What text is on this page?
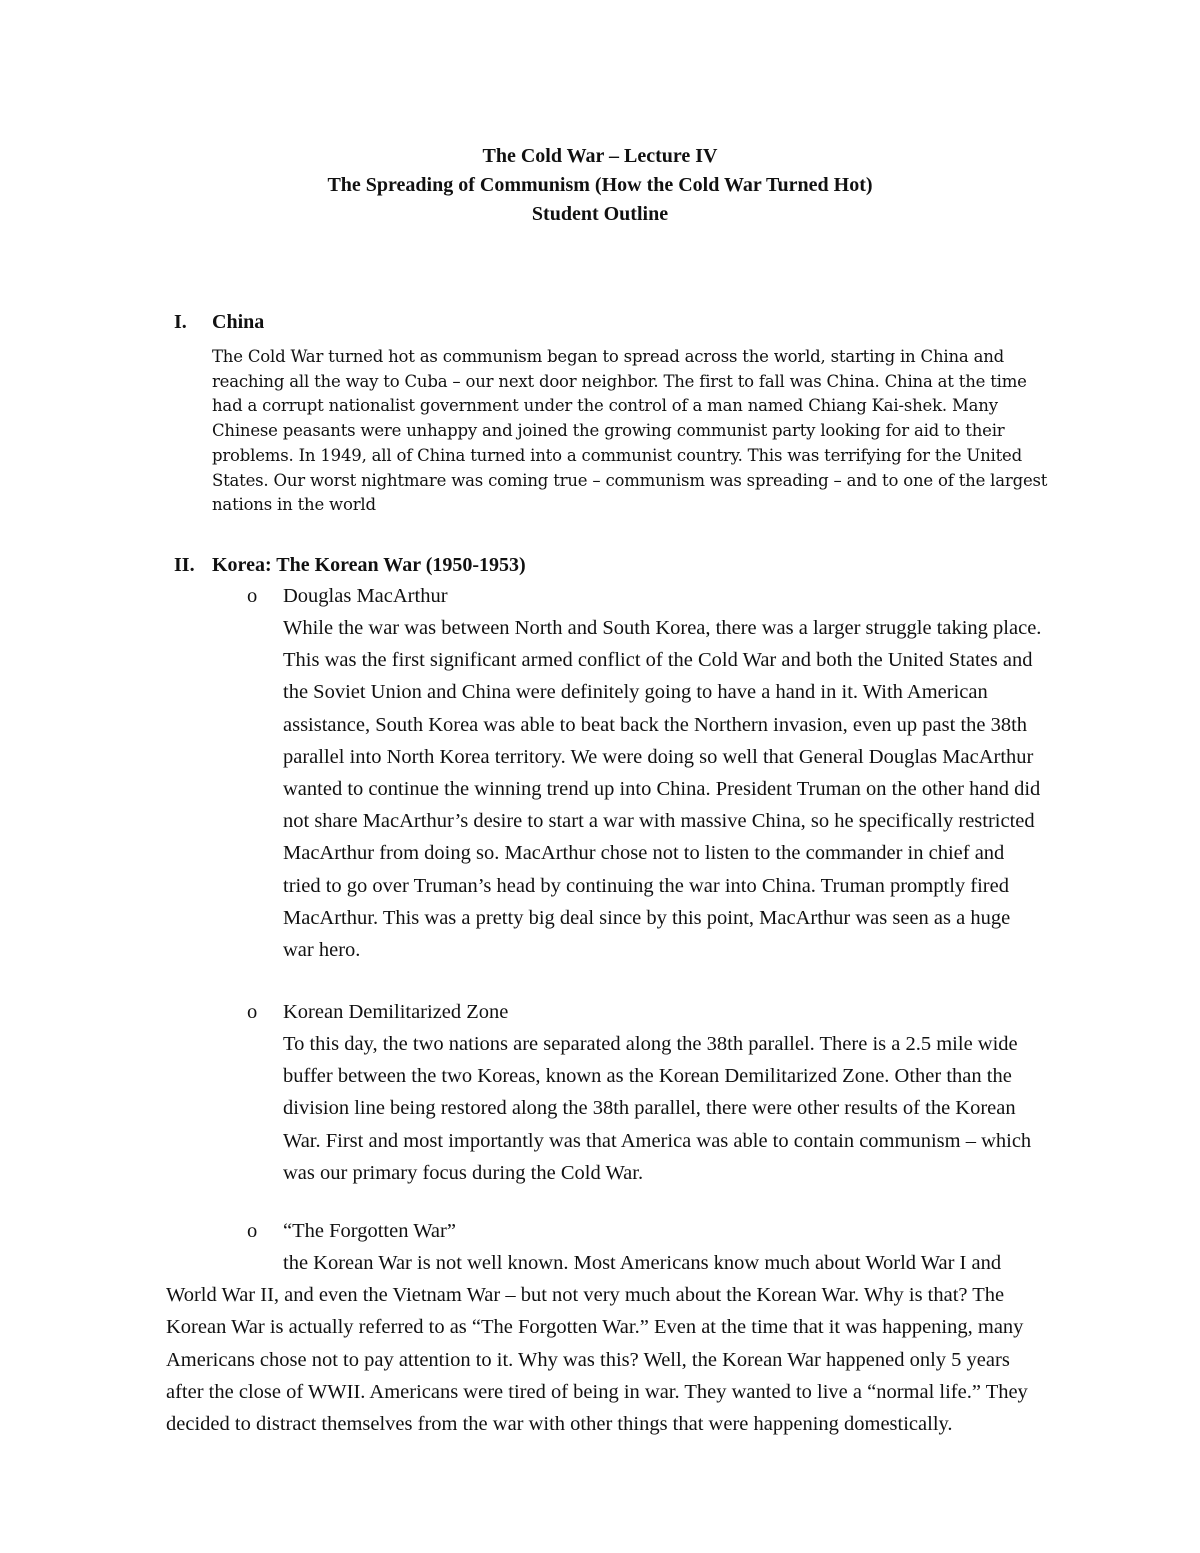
The Cold War – Lecture IV
The Spreading of Communism (How the Cold War Turned Hot)
Student Outline
I. China
The Cold War turned hot as communism began to spread across the world, starting in China and reaching all the way to Cuba – our next door neighbor. The first to fall was China. China at the time had a corrupt nationalist government under the control of a man named Chiang Kai-shek. Many Chinese peasants were unhappy and joined the growing communist party looking for aid to their problems. In 1949, all of China turned into a communist country. This was terrifying for the United States. Our worst nightmare was coming true – communism was spreading – and to one of the largest nations in the world
II. Korea: The Korean War (1950-1953)
o Douglas MacArthur
While the war was between North and South Korea, there was a larger struggle taking place. This was the first significant armed conflict of the Cold War and both the United States and the Soviet Union and China were definitely going to have a hand in it. With American assistance, South Korea was able to beat back the Northern invasion, even up past the 38th parallel into North Korea territory. We were doing so well that General Douglas MacArthur wanted to continue the winning trend up into China. President Truman on the other hand did not share MacArthur’s desire to start a war with massive China, so he specifically restricted MacArthur from doing so. MacArthur chose not to listen to the commander in chief and tried to go over Truman’s head by continuing the war into China. Truman promptly fired MacArthur. This was a pretty big deal since by this point, MacArthur was seen as a huge war hero.
o Korean Demilitarized Zone
To this day, the two nations are separated along the 38th parallel. There is a 2.5 mile wide buffer between the two Koreas, known as the Korean Demilitarized Zone. Other than the division line being restored along the 38th parallel, there were other results of the Korean War. First and most importantly was that America was able to contain communism – which was our primary focus during the Cold War.
o “The Forgotten War”
the Korean War is not well known. Most Americans know much about World War I and World War II, and even the Vietnam War – but not very much about the Korean War. Why is that? The Korean War is actually referred to as “The Forgotten War.” Even at the time that it was happening, many Americans chose not to pay attention to it. Why was this? Well, the Korean War happened only 5 years after the close of WWII. Americans were tired of being in war. They wanted to live a “normal life.” They decided to distract themselves from the war with other things that were happening domestically.
